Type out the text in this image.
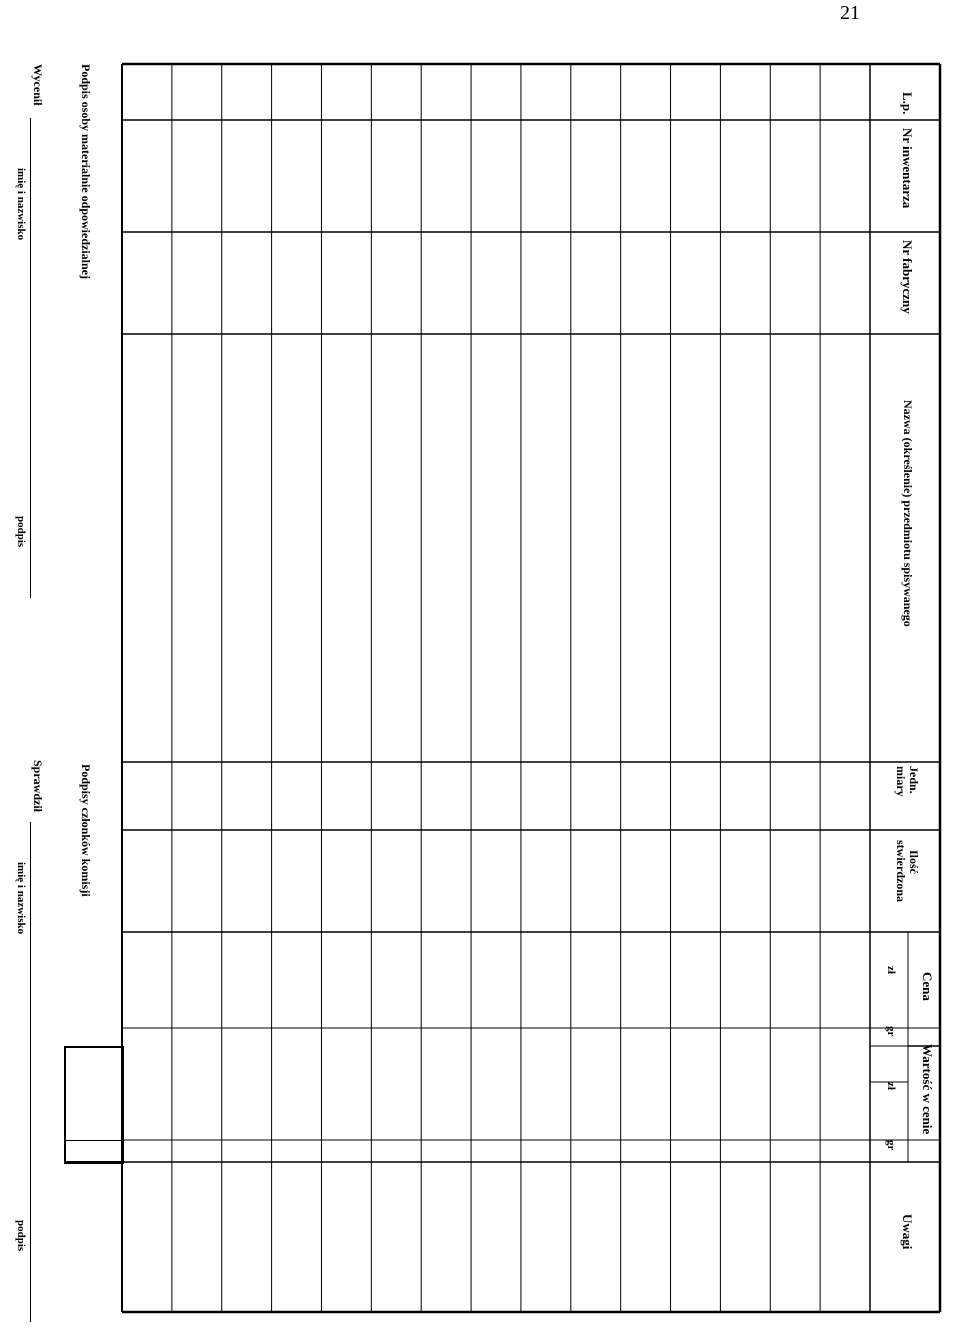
21
L.p.
Nr inwentarza
Nr fabryczny
Nazwa (określenie) przedmiotu spisywanego
Jedn.
miary
Ilość
stwierdzona
Cena
zł
gr
Wartość w cenie
zł
gr
Uwagi
Podpis osoby materialnie odpowiedzialnej
Podpisy członków komisji
Wycenił
imię i nazwisko
podpis
Sprawdził
imię i nazwisko
podpis
